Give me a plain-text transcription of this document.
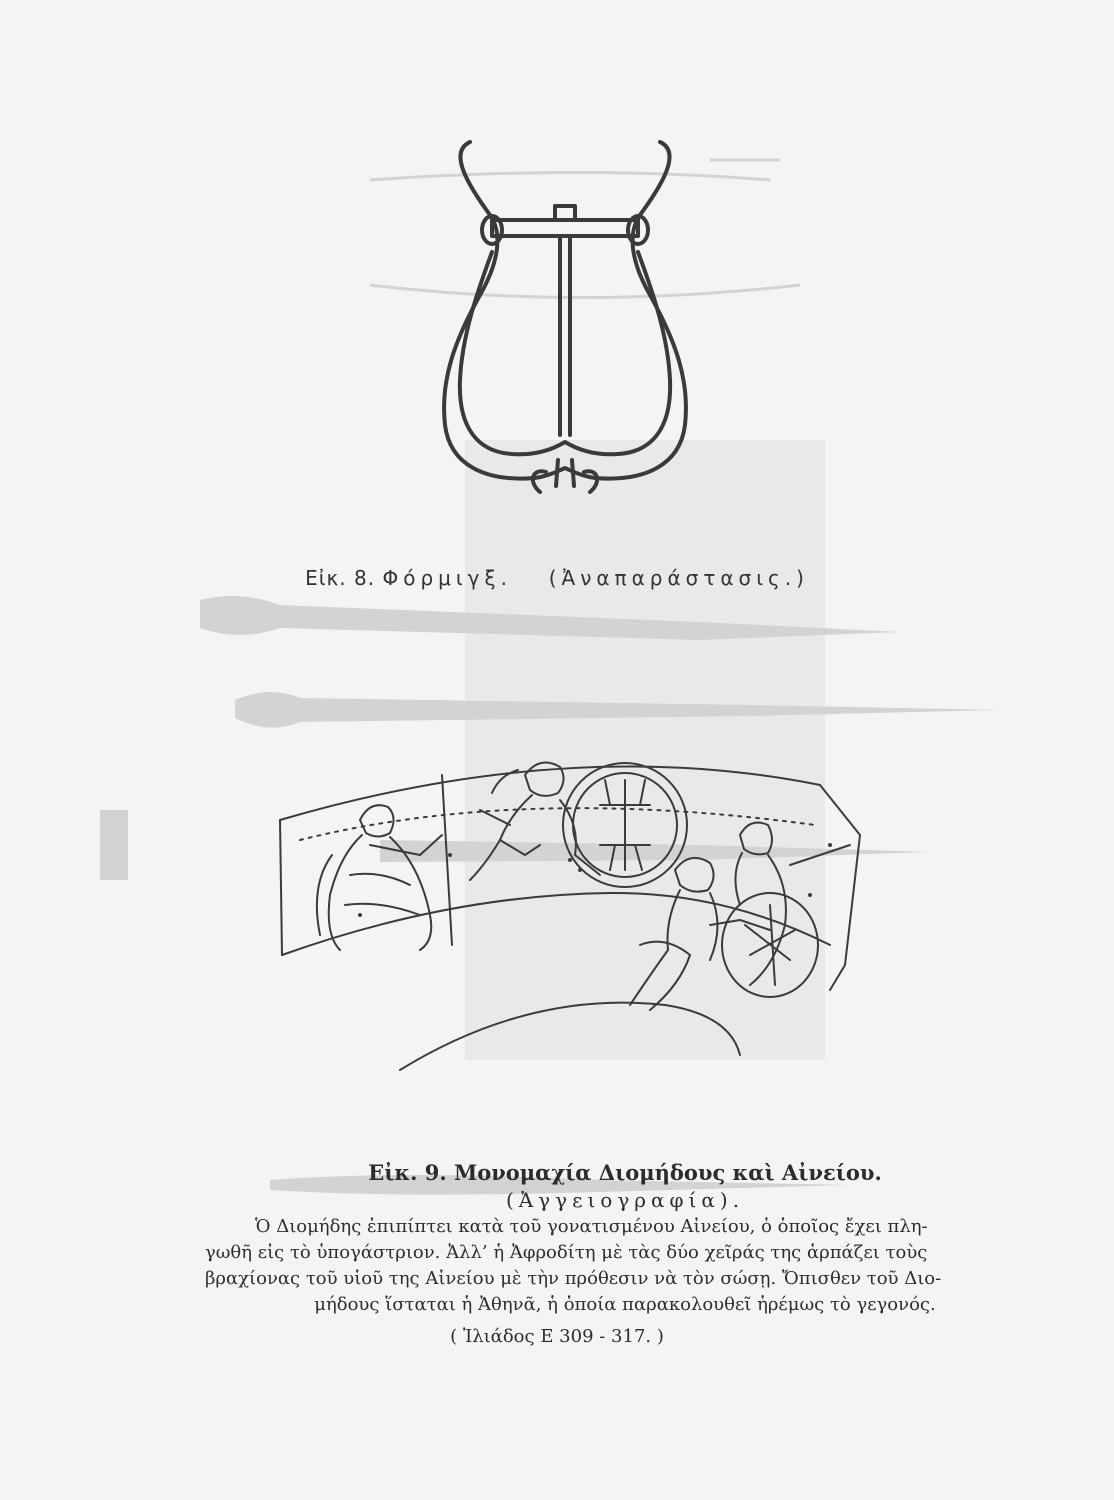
Εἰκ. 8. Φόρμιγξ. (Ἀναπαράστασις.)
Εἰκ. 9. Μονομαχία Διομήδους καὶ Αἰνείου.
(Ἀγγειογραφία).

Ὁ Διομήδης ἐπιπίπτει κατὰ τοῦ γονατισμένου Αἰνείου, ὁ ὁποῖος ἔχει πλη-

γωθῆ εἰς τὸ ὑπογάστριον. Ἀλλ’ ἡ Ἀφροδίτη μὲ τὰς δύο χεῖράς της ἁρπάζει τοὺς

βραχίονας τοῦ υἱοῦ της Αἰνείου μὲ τὴν πρόθεσιν νὰ τὸν σώσῃ. Ὄπισθεν τοῦ Διο-

μήδους ἵσταται ἡ Ἀθηνᾶ, ἡ ὁποία παρακολουθεῖ ἠρέμως τὸ γεγονός.

( Ἰλιάδος Ε 309 - 317. )
